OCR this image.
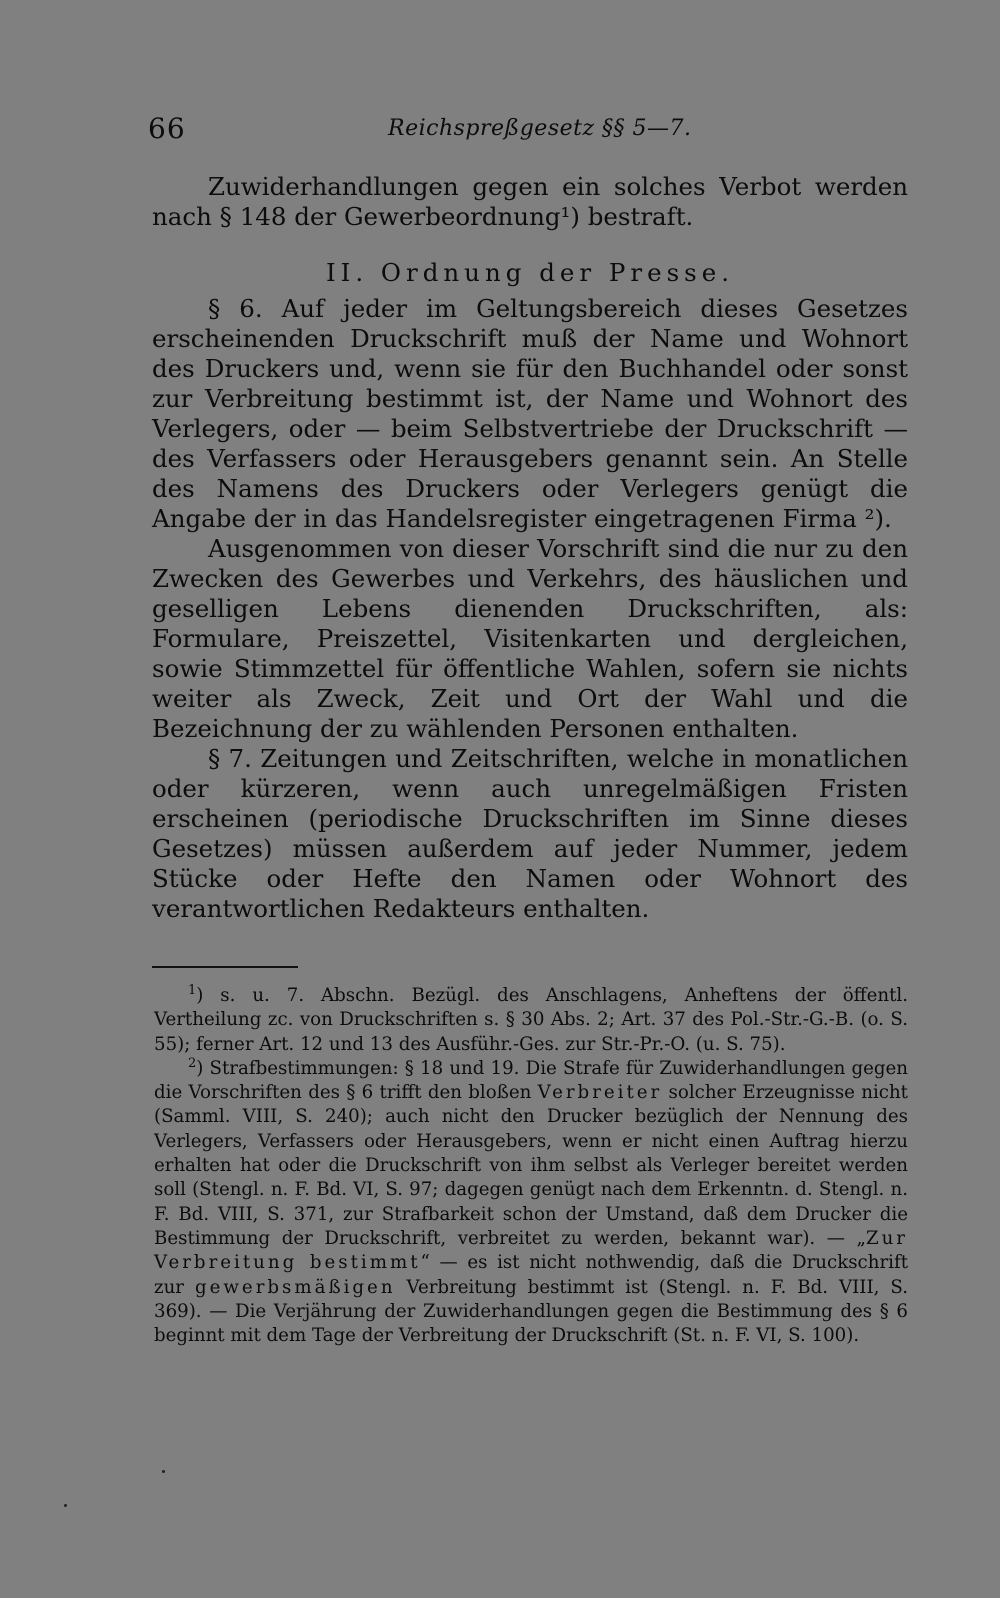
66	Reichspreßgesetz §§ 5—7.

Zuwiderhandlungen gegen ein solches Verbot werden nach § 148 der Gewerbeordnung¹) bestraft.

II. Ordnung der Presse.

§ 6. Auf jeder im Geltungsbereich dieses Gesetzes erscheinenden Druckschrift muß der Name und Wohnort des Druckers und, wenn sie für den Buchhandel oder sonst zur Verbreitung bestimmt ist, der Name und Wohnort des Verlegers, oder — beim Selbstvertriebe der Druckschrift — des Verfassers oder Herausgebers genannt sein. An Stelle des Namens des Druckers oder Verlegers genügt die Angabe der in das Handelsregister eingetragenen Firma ²).

Ausgenommen von dieser Vorschrift sind die nur zu den Zwecken des Gewerbes und Verkehrs, des häuslichen und geselligen Lebens dienenden Druckschriften, als: Formulare, Preiszettel, Visitenkarten und dergleichen, sowie Stimmzettel für öffentliche Wahlen, sofern sie nichts weiter als Zweck, Zeit und Ort der Wahl und die Bezeichnung der zu wählenden Personen enthalten.

§ 7. Zeitungen und Zeitschriften, welche in monatlichen oder kürzeren, wenn auch unregelmäßigen Fristen erscheinen (periodische Druckschriften im Sinne dieses Gesetzes) müssen außerdem auf jeder Nummer, jedem Stücke oder Hefte den Namen oder Wohnort des verantwortlichen Redakteurs enthalten.

$^1$) s. u. 7. Abschn. Bezügl. des Anschlagens, Anheftens der öffentl. Vertheilung zc. von Druckschriften s. § 30 Abs. 2; Art. 37 des Pol.-Str.-G.-B. (o. S. 55); ferner Art. 12 und 13 des Ausführ.-Ges. zur Str.-Pr.-O. (u. S. 75).

$^2$) Strafbestimmungen: § 18 und 19. Die Strafe für Zuwiderhandlungen gegen die Vorschriften des § 6 trifft den bloßen Verbreiter solcher Erzeugnisse nicht (Samml. VIII, S. 240); auch nicht den Drucker bezüglich der Nennung des Verlegers, Verfassers oder Herausgebers, wenn er nicht einen Auftrag hierzu erhalten hat oder die Druckschrift von ihm selbst als Verleger bereitet werden soll (Stengl. n. F. Bd. VI, S. 97; dagegen genügt nach dem Erkenntn. d. Stengl. n. F. Bd. VIII, S. 371, zur Strafbarkeit schon der Umstand, daß dem Drucker die Bestimmung der Druckschrift, verbreitet zu werden, bekannt war). — „Zur Verbreitung bestimmt“ — es ist nicht nothwendig, daß die Druckschrift zur gewerbsmäßigen Verbreitung bestimmt ist (Stengl. n. F. Bd. VIII, S. 369). — Die Verjährung der Zuwiderhandlungen gegen die Bestimmung des § 6 beginnt mit dem Tage der Verbreitung der Druckschrift (St. n. F. VI, S. 100).
